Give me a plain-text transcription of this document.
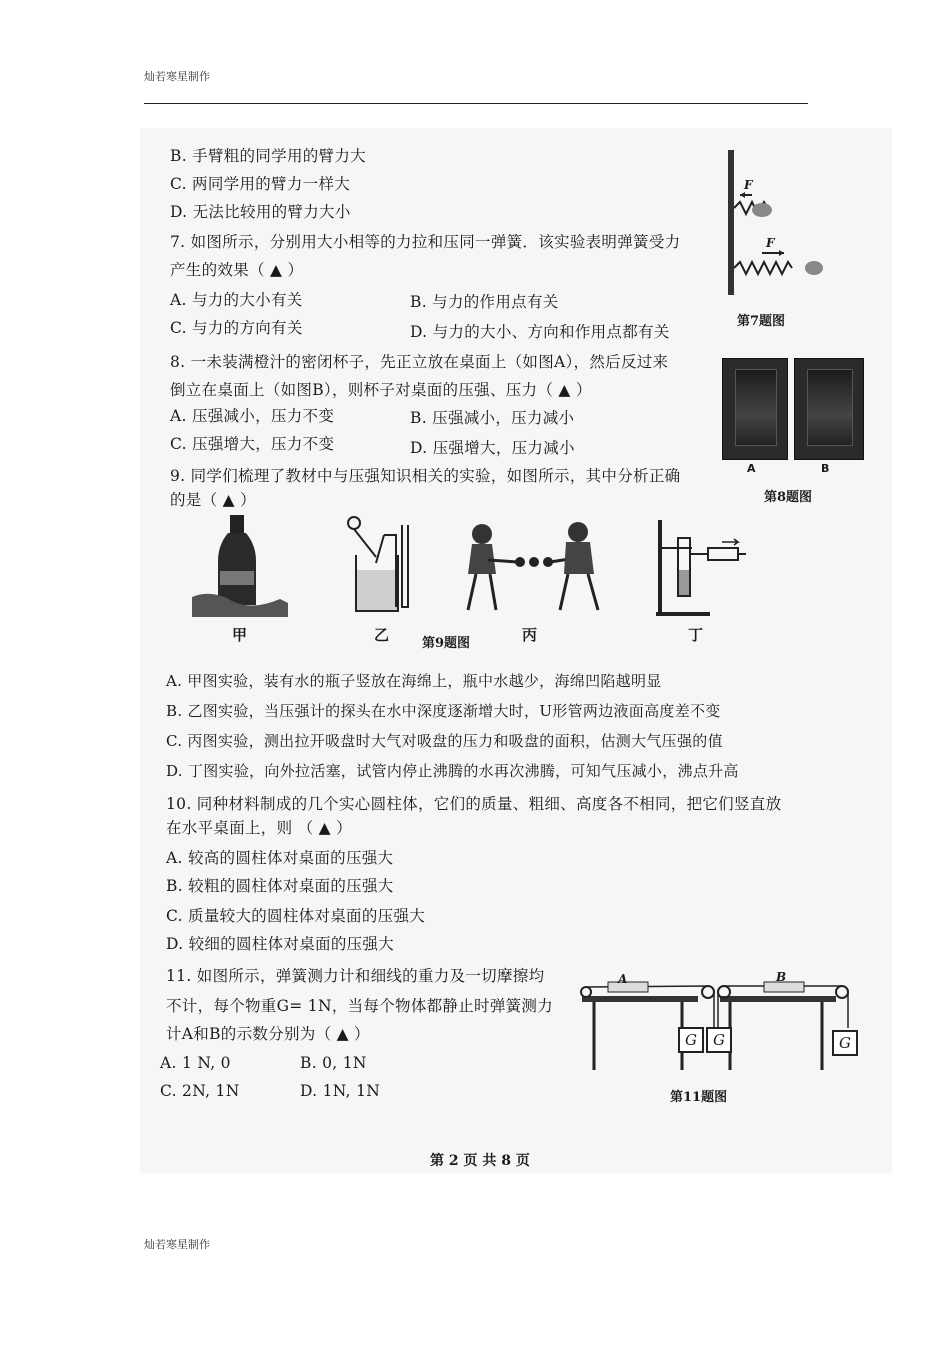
灿若寒星制作
B. 手臂粗的同学用的臂力大
C. 两同学用的臂力一样大
D. 无法比较用的臂力大小
7. 如图所示，分别用大小相等的力拉和压同一弹簧．该实验表明弹簧受力
产生的效果（ ▲ ）
A. 与力的大小有关	B. 与力的作用点有关
C. 与力的方向有关	D. 与力的大小、方向和作用点都有关
F
F
第7题图
8. 一未装满橙汁的密闭杯子，先正立放在桌面上（如图A），然后反过来
倒立在桌面上（如图B），则杯子对桌面的压强、压力（ ▲ ）
A. 压强减小，压力不变	B. 压强减小，压力减小
C. 压强增大，压力不变	D. 压强增大，压力减小
A	B
第8题图
9. 同学们梳理了教材中与压强知识相关的实验，如图所示，其中分析正确
的是（ ▲ ）
甲	乙	第9题图	丙	丁
A. 甲图实验，装有水的瓶子竖放在海绵上，瓶中水越少，海绵凹陷越明显
B. 乙图实验，当压强计的探头在水中深度逐渐增大时，U形管两边液面高度差不变
C. 丙图实验，测出拉开吸盘时大气对吸盘的压力和吸盘的面积，估测大气压强的值
D. 丁图实验，向外拉活塞，试管内停止沸腾的水再次沸腾，可知气压减小，沸点升高
10. 同种材料制成的几个实心圆柱体，它们的质量、粗细、高度各不相同，把它们竖直放
在水平桌面上，则 （ ▲ ）
A. 较高的圆柱体对桌面的压强大
B. 较粗的圆柱体对桌面的压强大
C. 质量较大的圆柱体对桌面的压强大
D. 较细的圆柱体对桌面的压强大
11. 如图所示，弹簧测力计和细线的重力及一切摩擦均
不计，每个物重G= 1N，当每个物体都静止时弹簧测力
计A和B的示数分别为（ ▲ ）
A. 1 N, 0	B. 0, 1N
C. 2N, 1N	D. 1N, 1N
A	B
G	G	G
第11题图
第 2 页 共 8 页
灿若寒星制作
